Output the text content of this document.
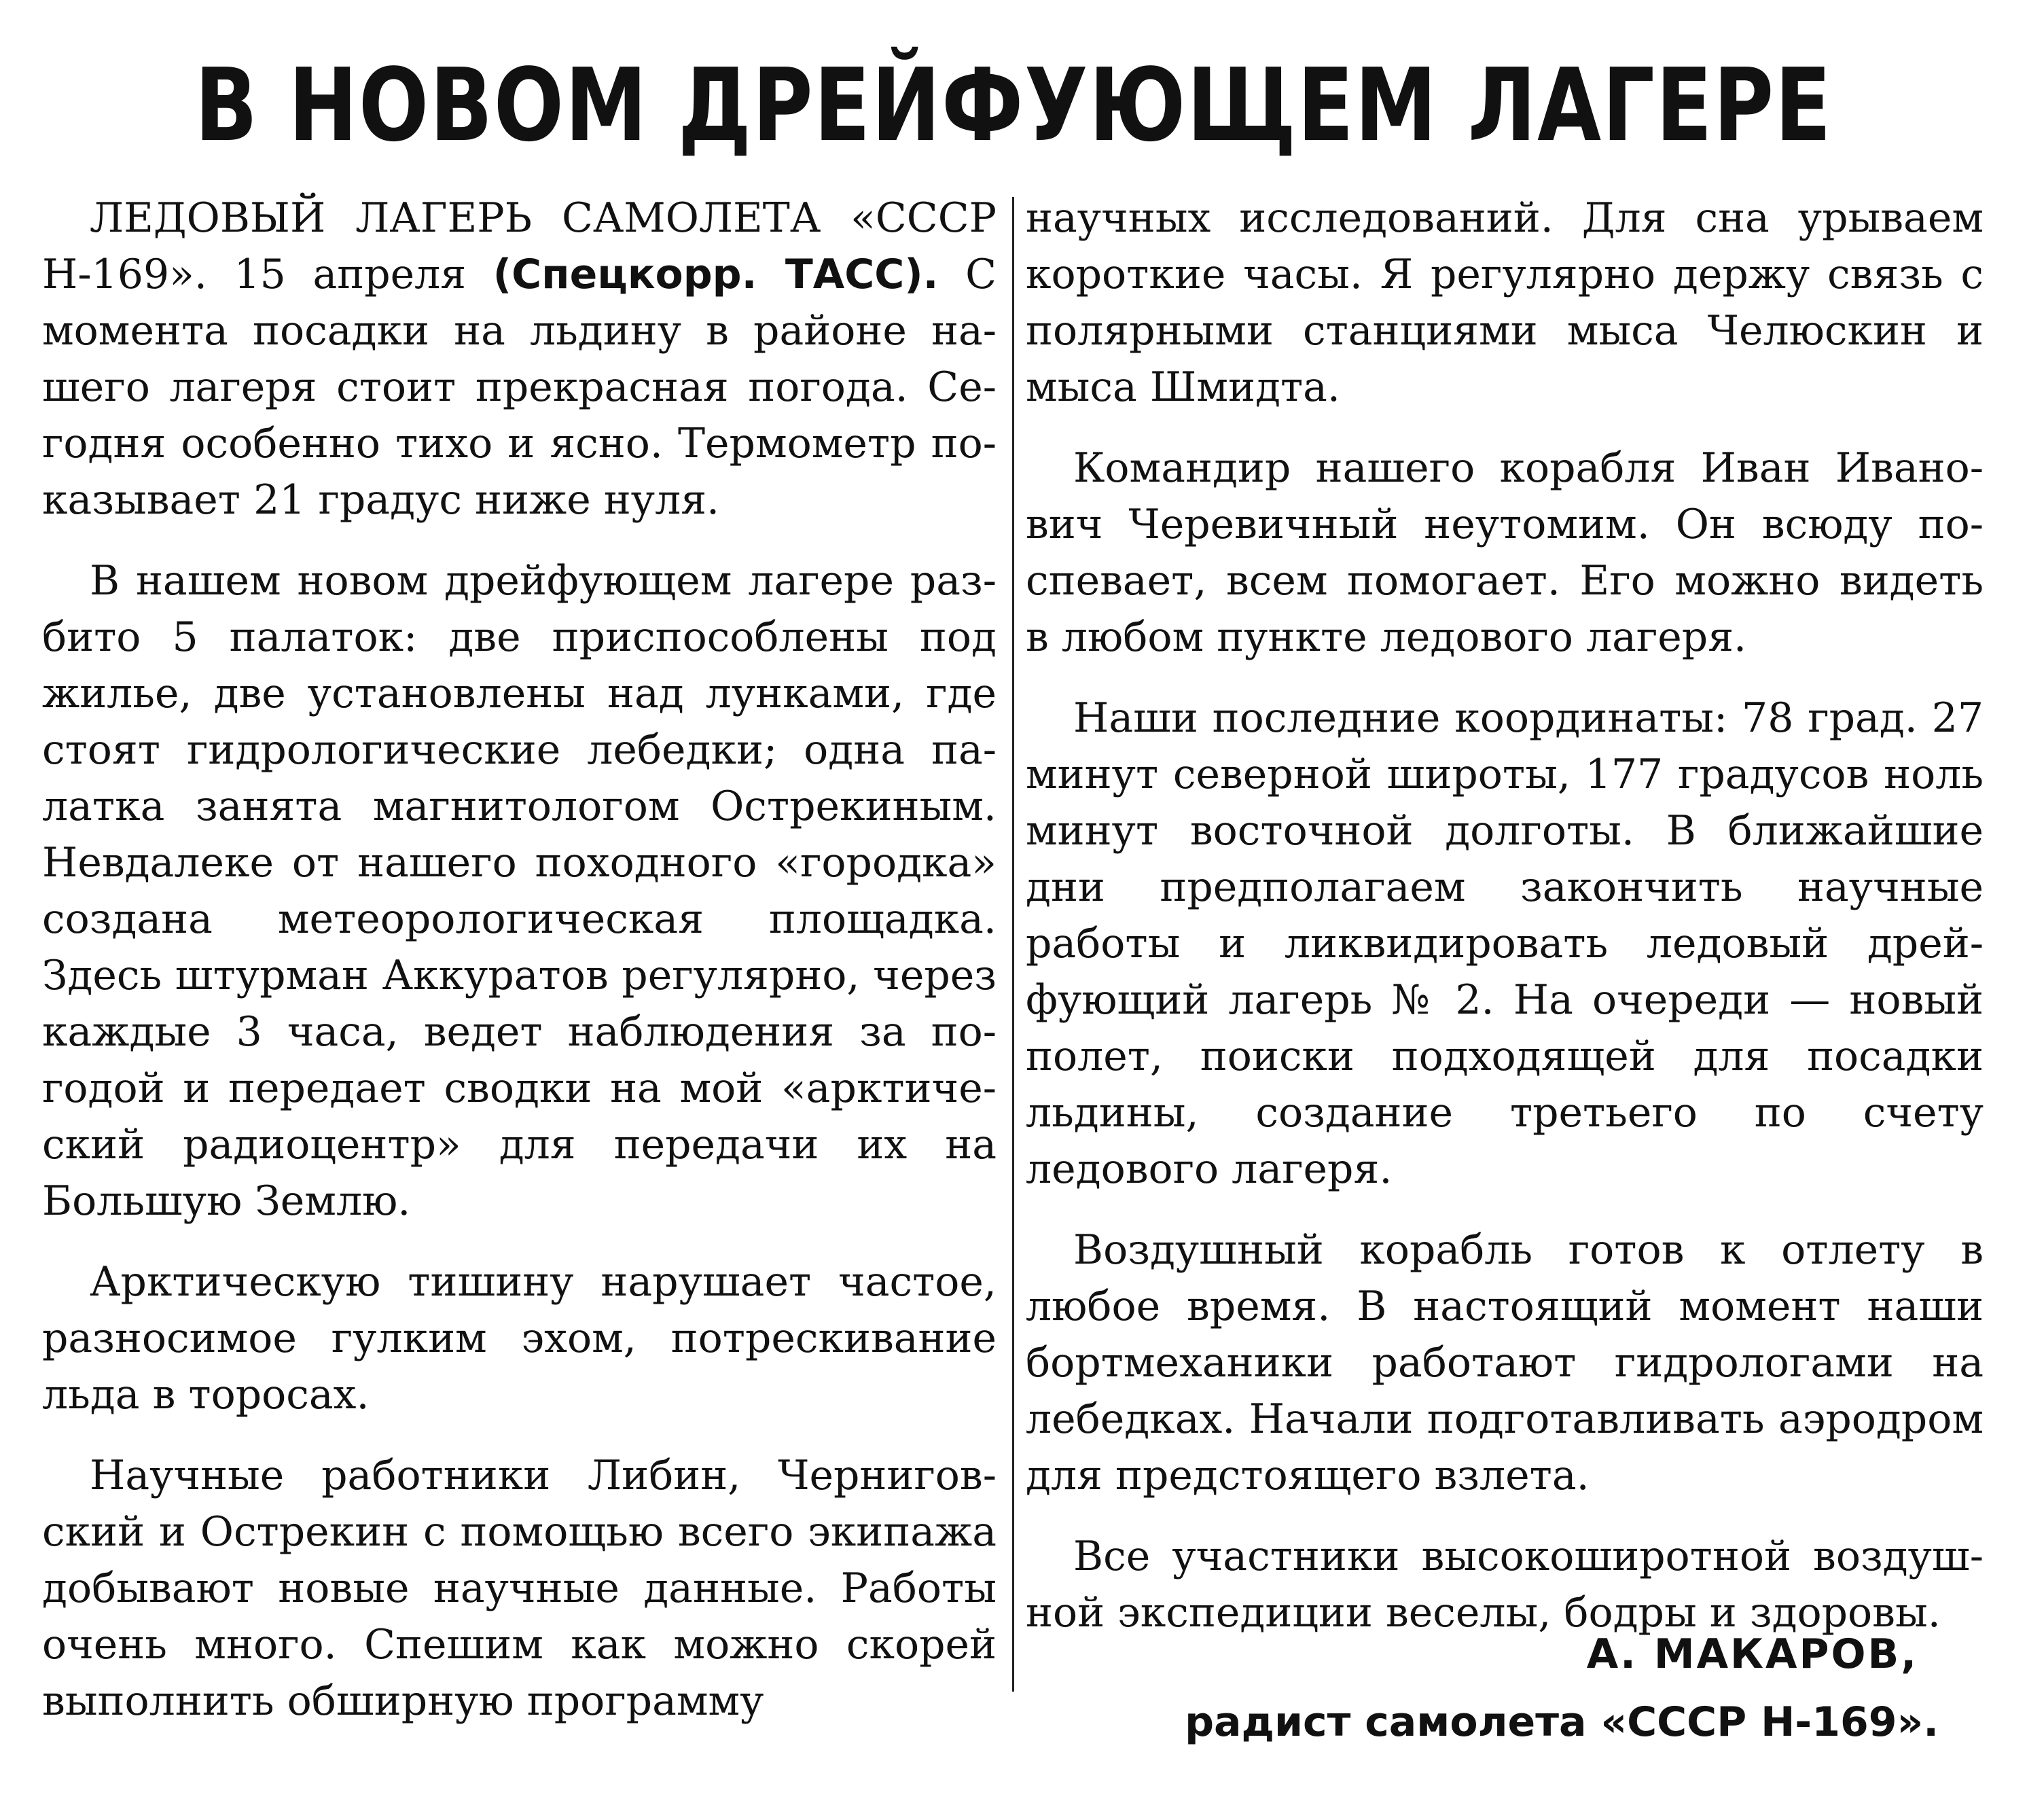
В НОВОМ ДРЕЙФУЮЩЕМ ЛАГЕРЕ

ЛЕДОВЫЙ ЛАГЕРЬ САМОЛЕТА «СССР Н-169». 15 апреля (Спецкорр. ТАСС). С момента посадки на льдину в районе нашего лагеря стоит прекрасная погода. Сегодня особенно тихо и ясно. Термометр показывает 21 градус ниже нуля.

В нашем новом дрейфующем лагере разбито 5 палаток: две приспособлены под жилье, две установлены над лунками, где стоят гидрологические лебедки; одна палатка занята магнитологом Острекиным. Невдалеке от нашего походного «городка» создана метеорологическая площадка. Здесь штурман Аккуратов регулярно, через каждые 3 часа, ведет наблюдения за погодой и передает сводки на мой «арктический радиоцентр» для передачи их на Большую Землю.

Арктическую тишину нарушает частое, разносимое гулким эхом, потрескивание льда в торосах.

Научные работники Либин, Черниговский и Острекин с помощью всего экипажа добывают новые научные данные. Работы очень много. Спешим как можно скорей выполнить обширную программу

научных исследований. Для сна урываем короткие часы. Я регулярно держу связь с полярными станциями мыса Челюскин и мыса Шмидта.

Командир нашего корабля Иван Иванович Черевичный неутомим. Он всюду поспевает, всем помогает. Его можно видеть в любом пункте ледового лагеря.

Наши последние координаты: 78 град. 27 минут северной широты, 177 градусов ноль минут восточной долготы. В ближайшие дни предполагаем закончить научные работы и ликвидировать ледовый дрейфующий лагерь № 2. На очереди — новый полет, поиски подходящей для посадки льдины, создание третьего по счету ледового лагеря.

Воздушный корабль готов к отлету в любое время. В настоящий момент наши бортмеханики работают гидрологами на лебедках. Начали подготавливать аэродром для предстоящего взлета.

Все участники высокоширотной воздушной экспедиции веселы, бодры и здоровы.

А. МАКАРОВ,
радист самолета «СССР Н-169».
